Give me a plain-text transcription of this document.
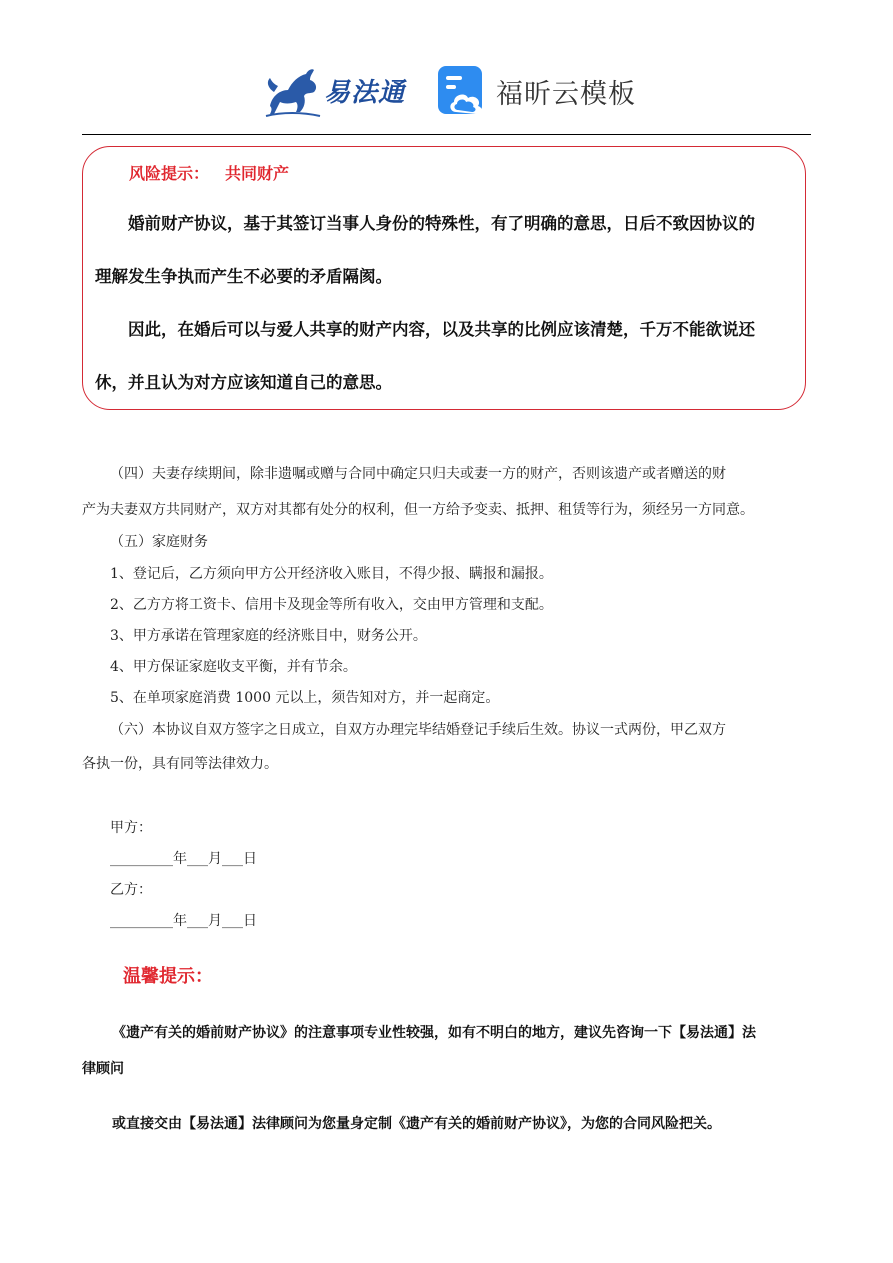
易法通	福昕云模板
风险提示： 共同财产
婚前财产协议，基于其签订当事人身份的特殊性，有了明确的意思，日后不致因协议的
理解发生争执而产生不必要的矛盾隔阂。
因此，在婚后可以与爱人共享的财产内容，以及共享的比例应该清楚，千万不能欲说还
休，并且认为对方应该知道自己的意思。
（四）夫妻存续期间，除非遗嘱或赠与合同中确定只归夫或妻一方的财产，否则该遗产或者赠送的财
产为夫妻双方共同财产，双方对其都有处分的权利，但一方给予变卖、抵押、租赁等行为，须经另一方同意。
（五）家庭财务
1、登记后，乙方须向甲方公开经济收入账目，不得少报、瞒报和漏报。
2、乙方方将工资卡、信用卡及现金等所有收入，交由甲方管理和支配。
3、甲方承诺在管理家庭的经济账目中，财务公开。
4、甲方保证家庭收支平衡，并有节余。
5、在单项家庭消费 1000 元以上，须告知对方，并一起商定。
（六）本协议自双方签字之日成立，自双方办理完毕结婚登记手续后生效。协议一式两份，甲乙双方
各执一份，具有同等法律效力。
甲方：
_________年___月___日
乙方：
_________年___月___日
温馨提示：
《遗产有关的婚前财产协议》的注意事项专业性较强，如有不明白的地方，建议先咨询一下【易法通】法
律顾问
或直接交由【易法通】法律顾问为您量身定制《遗产有关的婚前财产协议》，为您的合同风险把关。
